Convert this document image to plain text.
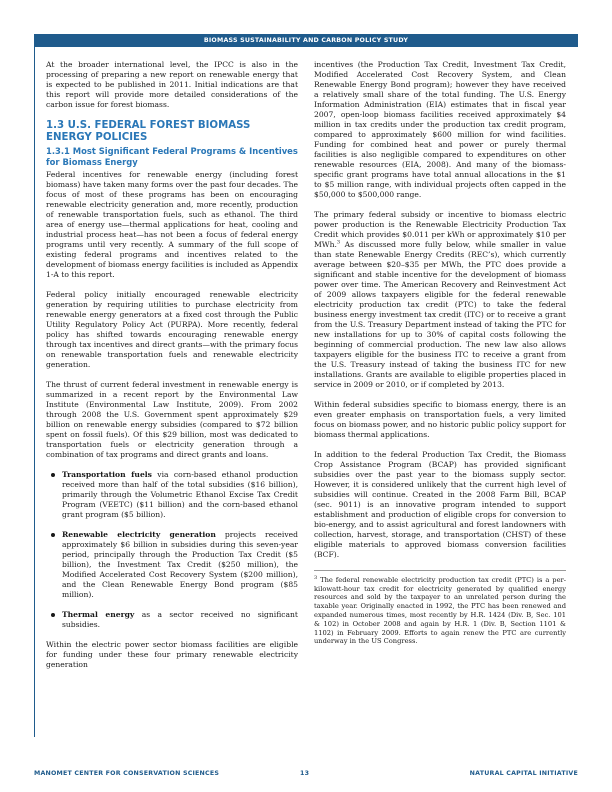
BIOMASS SUSTAINABILITY AND CARBON POLICY STUDY

At the broader international level, the IPCC is also in the processing of preparing a new report on renewable energy that is expected to be published in 2011. Initial indications are that this report will provide more detailed considerations of the carbon issue for forest biomass.

1.3 U.S. FEDERAL FOREST BIOMASS ENERGY POLICIES
1.3.1 Most Significant Federal Programs & Incentives for Biomass Energy

Federal incentives for renewable energy (including forest biomass) have taken many forms over the past four decades. The focus of most of these programs has been on encouraging renewable electricity generation and, more recently, production of renewable transportation fuels, such as ethanol. The third area of energy use—thermal applications for heat, cooling and industrial process heat—has not been a focus of federal energy programs until very recently. A summary of the full scope of existing federal programs and incentives related to the development of biomass energy facilities is included as Appendix 1-A to this report.

Federal policy initially encouraged renewable electricity generation by requiring utilities to purchase electricity from renewable energy generators at a fixed cost through the Public Utility Regulatory Policy Act (PURPA). More recently, federal policy has shifted towards encouraging renewable energy through tax incentives and direct grants—with the primary focus on renewable transportation fuels and renewable electricity generation.

The thrust of current federal investment in renewable energy is summarized in a recent report by the Environmental Law Institute (Environmental Law Institute, 2009). From 2002 through 2008 the U.S. Government spent approximately $29 billion on renewable energy subsidies (compared to $72 billion spent on fossil fuels). Of this $29 billion, most was dedicated to transportation fuels or electricity generation through a combination of tax programs and direct grants and loans.

Transportation fuels via corn-based ethanol production received more than half of the total subsidies ($16 billion), primarily through the Volumetric Ethanol Excise Tax Credit Program (VEETC) ($11 billion) and the corn-based ethanol grant program ($5 billion).
Renewable electricity generation projects received approximately $6 billion in subsidies during this seven-year period, principally through the Production Tax Credit ($5 billion), the Investment Tax Credit ($250 million), the Modified Accelerated Cost Recovery System ($200 million), and the Clean Renewable Energy Bond program ($85 million).
Thermal energy as a sector received no significant subsidies.

Within the electric power sector biomass facilities are eligible for funding under these four primary renewable electricity generation

incentives (the Production Tax Credit, Investment Tax Credit, Modified Accelerated Cost Recovery System, and Clean Renewable Energy Bond program); however they have received a relatively small share of the total funding. The U.S. Energy Information Administration (EIA) estimates that in fiscal year 2007, open-loop biomass facilities received approximately $4 million in tax credits under the production tax credit program, compared to approximately $600 million for wind facilities. Funding for combined heat and power or purely thermal facilities is also negligible compared to expenditures on other renewable resources (EIA, 2008). And many of the biomass-specific grant programs have total annual allocations in the $1 to $5 million range, with individual projects often capped in the $50,000 to $500,000 range.

The primary federal subsidy or incentive to biomass electric power production is the Renewable Electricity Production Tax Credit which provides $0.011 per kWh or approximately $10 per MWh.$^3$ As discussed more fully below, while smaller in value than state Renewable Energy Credits (REC’s), which currently average between $20–$35 per MWh, the PTC does provide a significant and stable incentive for the development of biomass power over time. The American Recovery and Reinvestment Act of 2009 allows taxpayers eligible for the federal renewable electricity production tax credit (PTC) to take the federal business energy investment tax credit (ITC) or to receive a grant from the U.S. Treasury Department instead of taking the PTC for new installations for up to 30% of capital costs following the beginning of commercial production. The new law also allows taxpayers eligible for the business ITC to receive a grant from the U.S. Treasury instead of taking the business ITC for new installations. Grants are available to eligible properties placed in service in 2009 or 2010, or if completed by 2013.

Within federal subsidies specific to biomass energy, there is an even greater emphasis on transportation fuels, a very limited focus on biomass power, and no historic public policy support for biomass thermal applications.

In addition to the federal Production Tax Credit, the Biomass Crop Assistance Program (BCAP) has provided significant subsidies over the past year to the biomass supply sector. However, it is considered unlikely that the current high level of subsidies will continue. Created in the 2008 Farm Bill, BCAP (sec. 9011) is an innovative program intended to support establishment and production of eligible crops for conversion to bio-energy, and to assist agricultural and forest landowners with collection, harvest, storage, and transportation (CHST) of these eligible materials to approved biomass conversion facilities (BCF).

$^3$ The federal renewable electricity production tax credit (PTC) is a per-kilowatt-hour tax credit for electricity generated by qualified energy resources and sold by the taxpayer to an unrelated person during the taxable year. Originally enacted in 1992, the PTC has been renewed and expanded numerous times, most recently by H.R. 1424 (Div. B, Sec. 101 & 102) in October 2008 and again by H.R. 1 (Div. B, Section 1101 & 1102) in February 2009. Efforts to again renew the PTC are currently underway in the US Congress.
MANOMET CENTER FOR CONSERVATION SCIENCES	13	NATURAL CAPITAL INITIATIVE
